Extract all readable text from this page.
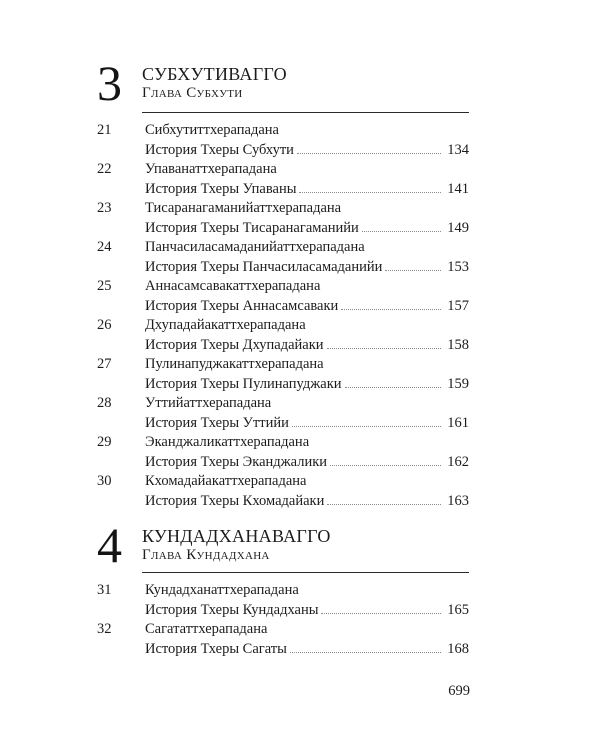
3 СУБХУТИВАГГО
Глава Субхути
21 Сибхутиттхерападана
История Тхеры Субхути	134
22 Упаванаттхерападана
История Тхеры Упаваны	141
23 Тисаранагаманийаттхерападана
История Тхеры Тисаранагаманийи	149
24 Панчасиласамаданийаттхерападана
История Тхеры Панчасиласамаданийи	153
25 Аннасамсавакаттхерападана
История Тхеры Аннасамсаваки	157
26 Дхупадайакаттхерападана
История Тхеры Дхупадайаки	158
27 Пулинапуджакаттхерападана
История Тхеры Пулинапуджаки	159
28 Уттийаттхерападана
История Тхеры Уттийи	161
29 Эканджаликаттхерападана
История Тхеры Эканджалики	162
30 Кхомадайакаттхерападана
История Тхеры Кхомадайаки	163
4 КУНДАДХАНАВАГГО
Глава Кундадхана
31 Кундадханаттхерападана
История Тхеры Кундадханы	165
32 Сагататтхерападана
История Тхеры Сагаты	168
699
